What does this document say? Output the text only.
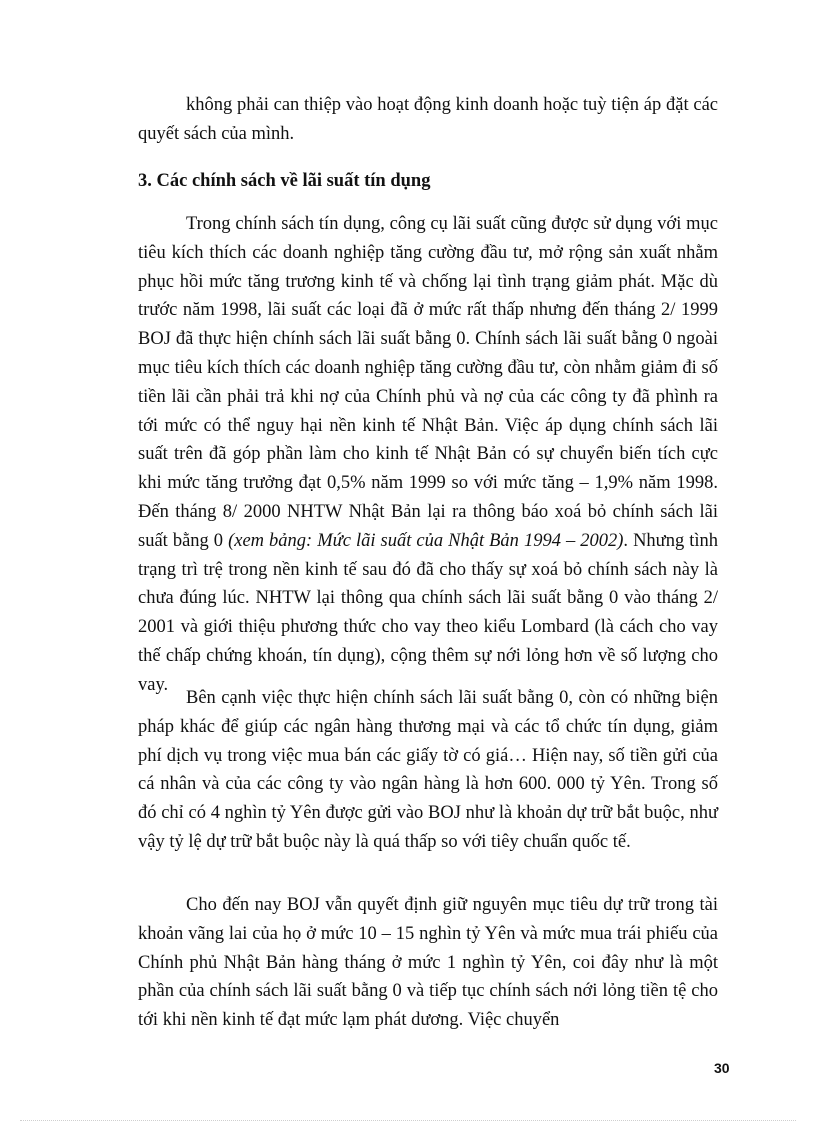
không phải can thiệp vào hoạt động kinh doanh hoặc tuỳ tiện áp đặt các quyết sách của mình.

3. Các chính sách về lãi suất tín dụng

Trong chính sách tín dụng, công cụ lãi suất cũng được sử dụng với mục tiêu kích thích các doanh nghiệp tăng cường đầu tư, mở rộng sản xuất nhằm phục hồi mức tăng trương kinh tế và chống lại tình trạng giảm phát. Mặc dù trước năm 1998, lãi suất các loại đã ở mức rất thấp nhưng đến tháng 2/ 1999 BOJ đã thực hiện chính sách lãi suất bằng 0. Chính sách lãi suất bằng 0 ngoài mục tiêu kích thích các doanh nghiệp tăng cường đầu tư, còn nhằm giảm đi số tiền lãi cần phải trả khi nợ của Chính phủ và nợ của các công ty đã phình ra tới mức có thể nguy hại nền kinh tế Nhật Bản. Việc áp dụng chính sách lãi suất trên đã góp phần làm cho kinh tế Nhật Bản có sự chuyển biến tích cực khi mức tăng trưởng đạt 0,5% năm 1999 so với mức tăng – 1,9% năm 1998. Đến tháng 8/ 2000 NHTW Nhật Bản lại ra thông báo xoá bỏ chính sách lãi suất bằng 0 (xem bảng: Mức lãi suất của Nhật Bản 1994 – 2002). Nhưng tình trạng trì trệ trong nền kinh tế sau đó đã cho thấy sự xoá bỏ chính sách này là chưa đúng lúc. NHTW lại thông qua chính sách lãi suất bằng 0 vào tháng 2/ 2001 và giới thiệu phương thức cho vay theo kiểu Lombard (là cách cho vay thế chấp chứng khoán, tín dụng), cộng thêm sự nới lỏng hơn về số lượng cho vay.

Bên cạnh việc thực hiện chính sách lãi suất bằng 0, còn có những biện pháp khác để giúp các ngân hàng thương mại và các tổ chức tín dụng, giảm phí dịch vụ trong việc mua bán các giấy tờ có giá… Hiện nay, số tiền gửi của cá nhân và của các công ty vào ngân hàng là hơn 600. 000 tỷ Yên. Trong số đó chỉ có 4 nghìn tỷ Yên được gửi vào BOJ như là khoản dự trữ bắt buộc, như vậy tỷ lệ dự trữ bắt buộc này là quá thấp so với tiêy chuẩn quốc tế.

Cho đến nay BOJ vẫn quyết định giữ nguyên mục tiêu dự trữ trong tài khoản vãng lai của họ ở mức 10 – 15 nghìn tỷ Yên và mức mua trái phiếu của Chính phủ Nhật Bản hàng tháng ở mức 1 nghìn tỷ Yên, coi đây như là một phần của chính sách lãi suất bằng 0 và tiếp tục chính sách nới lỏng tiền tệ cho tới khi nền kinh tế đạt mức lạm phát dương. Việc chuyển

30
